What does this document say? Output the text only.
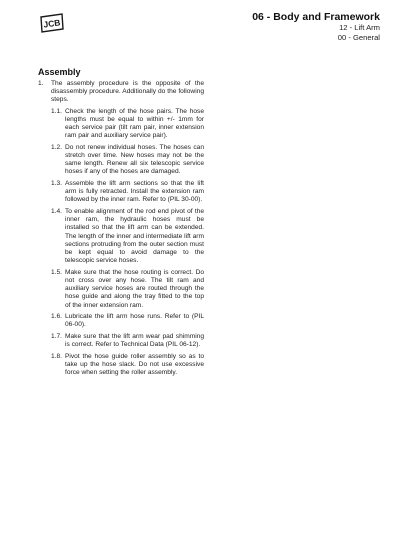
JCB
06 - Body and Framework
12 - Lift Arm
00 - General
Assembly
1.	The assembly procedure is the opposite of the disassembly procedure. Additionally do the following steps.
1.1. Check the length of the hose pairs. The hose lengths must be equal to within +/- 1mm for each service pair (tilt ram pair, inner extension ram pair and auxiliary service pair).
1.2. Do not renew individual hoses. The hoses can stretch over time. New hoses may not be the same length. Renew all six telescopic service hoses if any of the hoses are damaged.
1.3. Assemble the lift arm sections so that the lift arm is fully retracted. Install the extension ram followed by the inner ram. Refer to (PIL 30-00).
1.4. To enable alignment of the rod end pivot of the inner ram, the hydraulic hoses must be installed so that the lift arm can be extended. The length of the inner and intermediate lift arm sections protruding from the outer section must be kept equal to avoid damage to the telescopic service hoses.
1.5. Make sure that the hose routing is correct. Do not cross over any hose. The tilt ram and auxiliary service hoses are routed through the hose guide and along the tray fitted to the top of the inner extension ram.
1.6. Lubricate the lift arm hose runs. Refer to (PIL 06-00).
1.7. Make sure that the lift arm wear pad shimming is correct. Refer to Technical Data (PIL 06-12).
1.8. Pivot the hose guide roller assembly so as to take up the hose slack. Do not use excessive force when setting the roller assembly.
